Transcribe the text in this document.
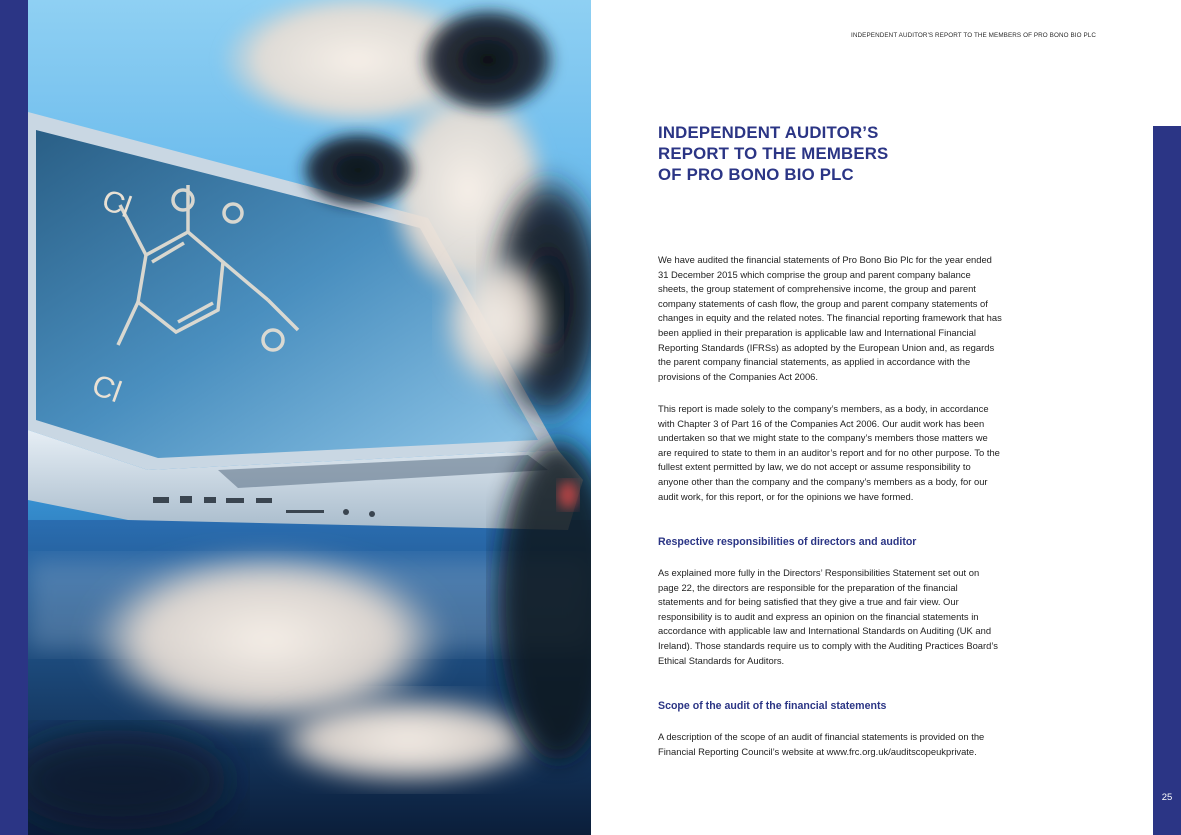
Cl
Cl
INDEPENDENT AUDITOR'S REPORT TO THE MEMBERS OF PRO BONO BIO PLC
INDEPENDENT AUDITOR’S
REPORT TO THE MEMBERS
OF PRO BONO BIO PLC

We have audited the financial statements of Pro Bono Bio Plc for the year ended 31 December 2015 which comprise the group and parent company balance sheets, the group statement of comprehensive income, the group and parent company statements of cash flow, the group and parent company statements of changes in equity and the related notes. The financial reporting framework that has been applied in their preparation is applicable law and International Financial Reporting Standards (IFRSs) as adopted by the European Union and, as regards the parent company financial statements, as applied in accordance with the provisions of the Companies Act 2006.

This report is made solely to the company’s members, as a body, in accordance with Chapter 3 of Part 16 of the Companies Act 2006. Our audit work has been undertaken so that we might state to the company’s members those matters we are required to state to them in an auditor’s report and for no other purpose. To the fullest extent permitted by law, we do not accept or assume responsibility to anyone other than the company and the company’s members as a body, for our audit work, for this report, or for the opinions we have formed.

Respective responsibilities of directors and auditor

As explained more fully in the Directors’ Responsibilities Statement set out on page 22, the directors are responsible for the preparation of the financial statements and for being satisfied that they give a true and fair view. Our responsibility is to audit and express an opinion on the financial statements in accordance with applicable law and International Standards on Auditing (UK and Ireland). Those standards require us to comply with the Auditing Practices Board’s Ethical Standards for Auditors.

Scope of the audit of the financial statements

A description of the scope of an audit of financial statements is provided on the Financial Reporting Council’s website at www.frc.org.uk/auditscopeukprivate.

25
